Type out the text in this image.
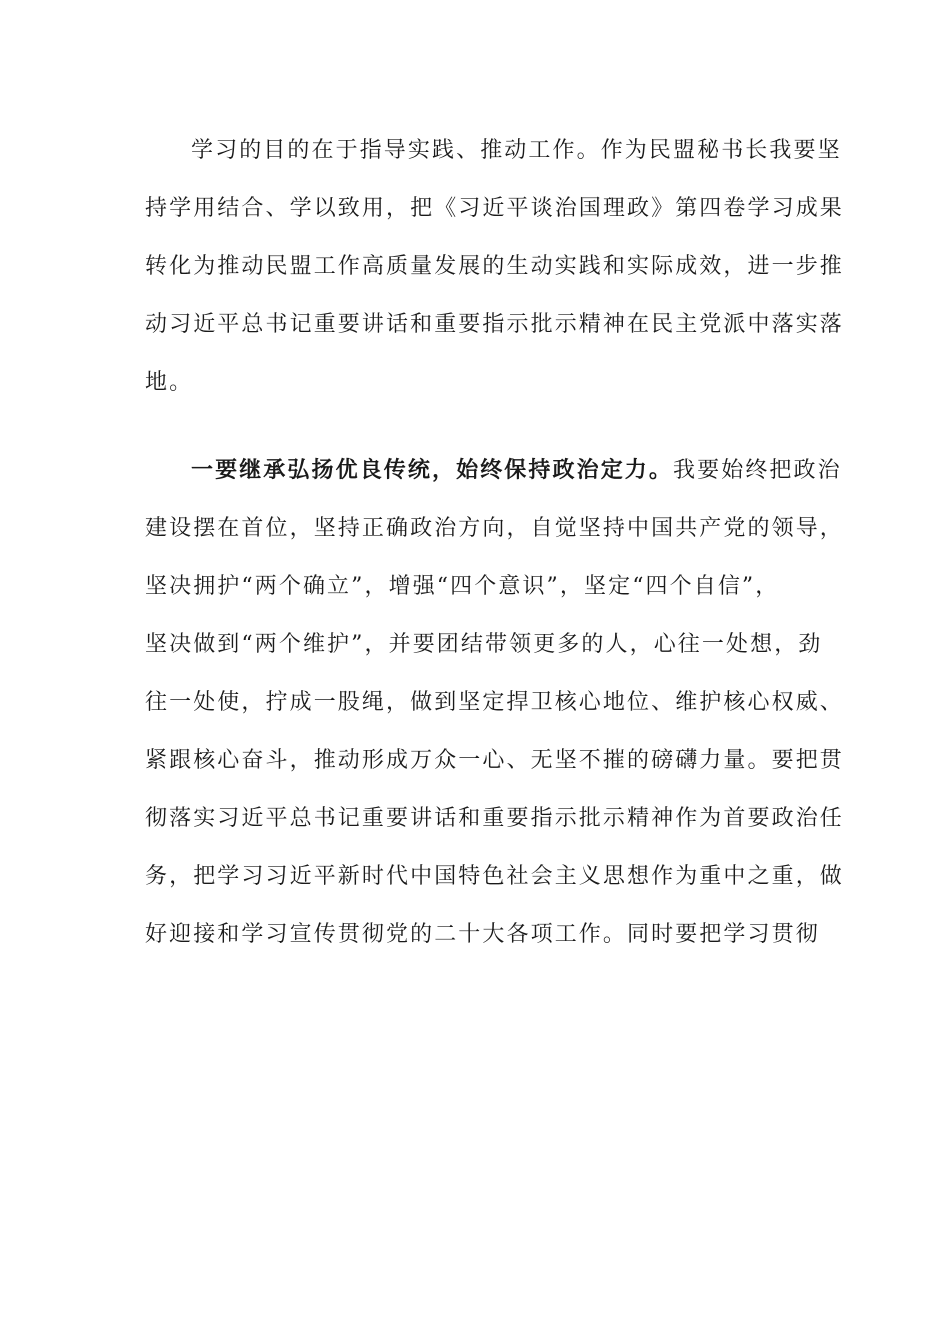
学习的目的在于指导实践、推动工作。作为民盟秘书长我要坚
持学用结合、学以致用，把《习近平谈治国理政》第四卷学习成果
转化为推动民盟工作高质量发展的生动实践和实际成效，进一步推
动习近平总书记重要讲话和重要指示批示精神在民主党派中落实落
地。

一要继承弘扬优良传统，始终保持政治定力。我要始终把政治
建设摆在首位，坚持正确政治方向，自觉坚持中国共产党的领导，
坚决拥护“两个确立”，增强“四个意识”，坚定“四个自信”，
坚决做到“两个维护”，并要团结带领更多的人，心往一处想，劲
往一处使，拧成一股绳，做到坚定捍卫核心地位、维护核心权威、
紧跟核心奋斗，推动形成万众一心、无坚不摧的磅礴力量。要把贯
彻落实习近平总书记重要讲话和重要指示批示精神作为首要政治任
务，把学习习近平新时代中国特色社会主义思想作为重中之重，做
好迎接和学习宣传贯彻党的二十大各项工作。同时要把学习贯彻
